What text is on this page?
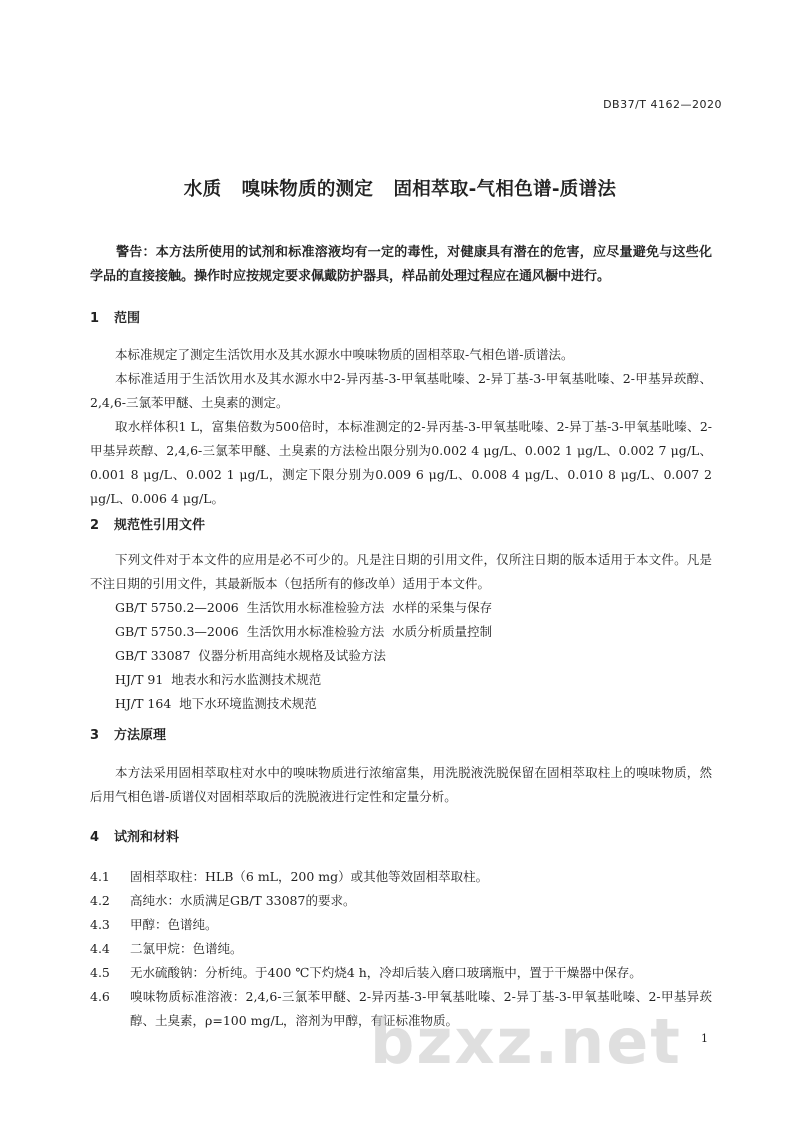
DB37/T 4162—2020
水质   嗅味物质的测定   固相萃取-气相色谱-质谱法
警告：本方法所使用的试剂和标准溶液均有一定的毒性，对健康具有潜在的危害，应尽量避免与这些化学品的直接接触。操作时应按规定要求佩戴防护器具，样品前处理过程应在通风橱中进行。
1 范围

本标准规定了测定生活饮用水及其水源水中嗅味物质的固相萃取-气相色谱-质谱法。

本标准适用于生活饮用水及其水源水中2-异丙基-3-甲氧基吡嗪、2-异丁基-3-甲氧基吡嗪、2-甲基异莰醇、2,4,6-三氯苯甲醚、土臭素的测定。

取水样体积1 L，富集倍数为500倍时，本标准测定的2-异丙基-3-甲氧基吡嗪、2-异丁基-3-甲氧基吡嗪、2-甲基异莰醇、2,4,6-三氯苯甲醚、土臭素的方法检出限分别为0.002 4 μg/L、0.002 1 μg/L、0.002 7 μg/L、0.001 8 μg/L、0.002 1 μg/L，测定下限分别为0.009 6 μg/L、0.008 4 μg/L、0.010 8 μg/L、0.007 2 μg/L、0.006 4 μg/L。

2 规范性引用文件

下列文件对于本文件的应用是必不可少的。凡是注日期的引用文件，仅所注日期的版本适用于本文件。凡是不注日期的引用文件，其最新版本（包括所有的修改单）适用于本文件。

GB/T 5750.2—2006  生活饮用水标准检验方法  水样的采集与保存
GB/T 5750.3—2006  生活饮用水标准检验方法  水质分析质量控制
GB/T 33087  仪器分析用高纯水规格及试验方法
HJ/T 91  地表水和污水监测技术规范
HJ/T 164  地下水环境监测技术规范
3 方法原理

本方法采用固相萃取柱对水中的嗅味物质进行浓缩富集，用洗脱液洗脱保留在固相萃取柱上的嗅味物质，然后用气相色谱-质谱仪对固相萃取后的洗脱液进行定性和定量分析。

4 试剂和材料
4.1	固相萃取柱：HLB（6 mL，200 mg）或其他等效固相萃取柱。
4.2	高纯水：水质满足GB/T 33087的要求。
4.3	甲醇：色谱纯。
4.4	二氯甲烷：色谱纯。
4.5	无水硫酸钠：分析纯。于400 ℃下灼烧4 h，冷却后装入磨口玻璃瓶中，置于干燥器中保存。
4.6	嗅味物质标准溶液：2,4,6-三氯苯甲醚、2-异丙基-3-甲氧基吡嗪、2-异丁基-3-甲氧基吡嗪、2-甲基异莰醇、土臭素，ρ=100 mg/L，溶剂为甲醇，有证标准物质。
bzxz.net 1
